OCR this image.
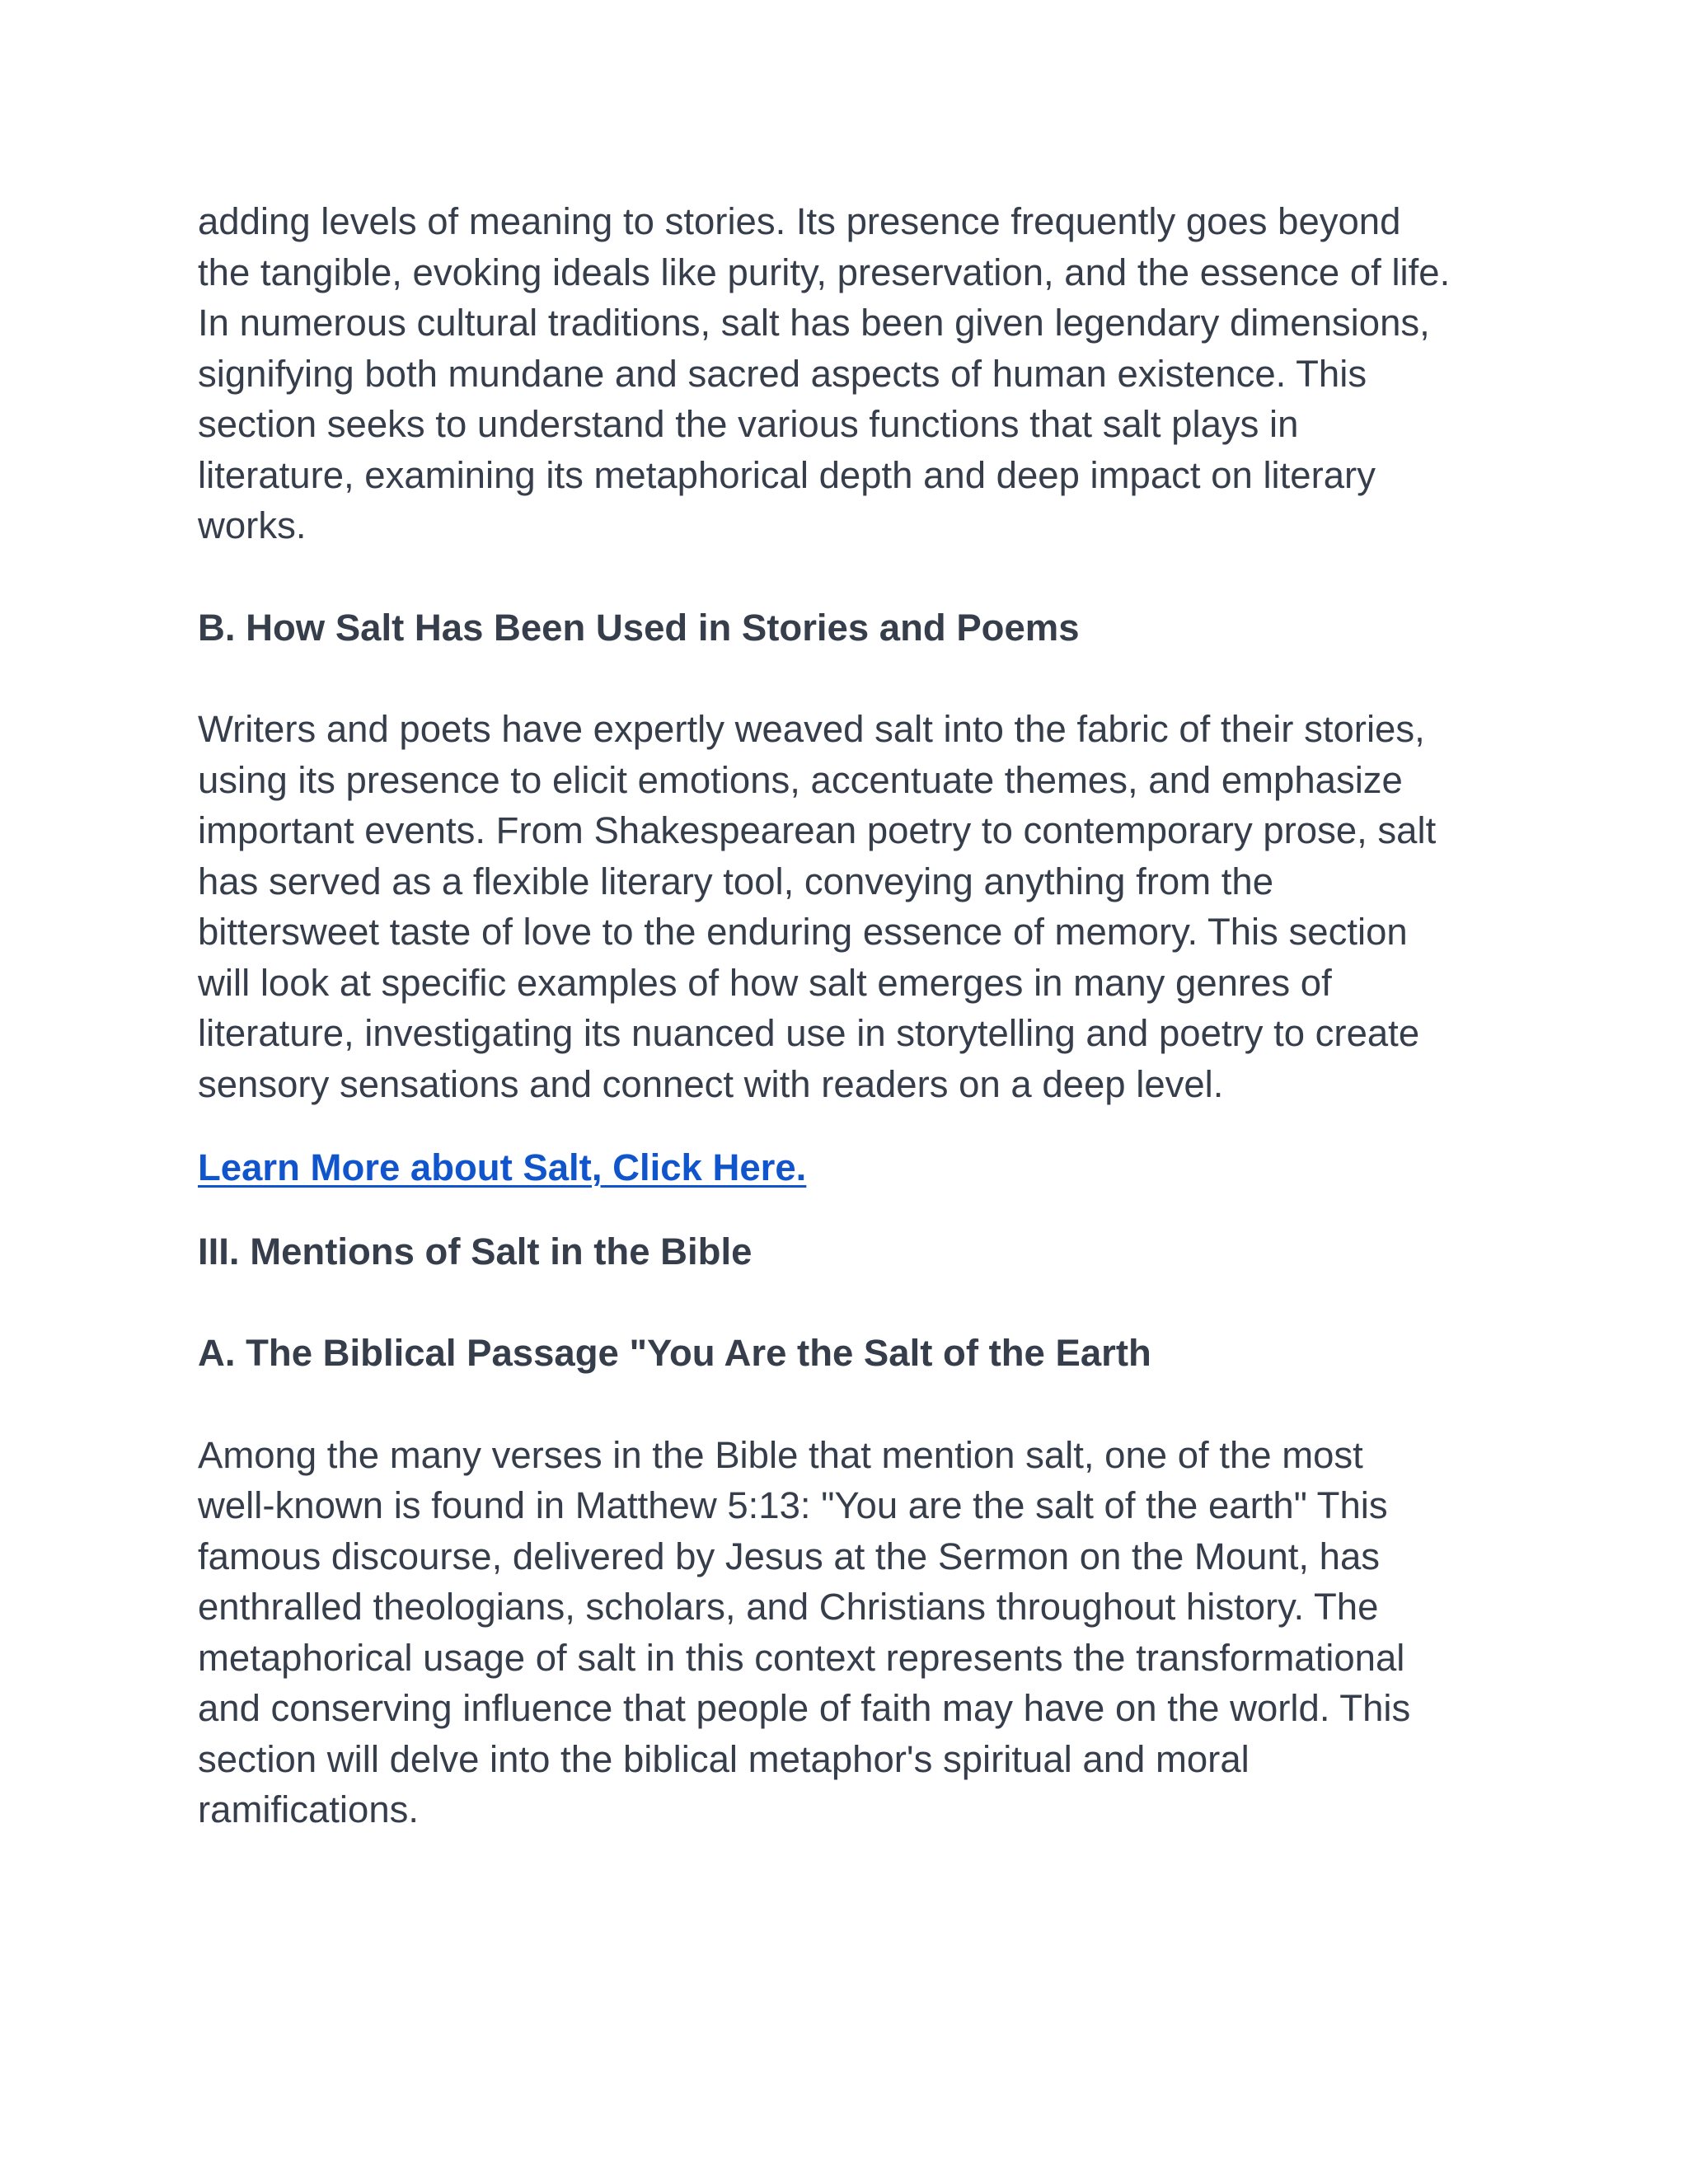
adding levels of meaning to stories. Its presence frequently goes beyond
the tangible, evoking ideals like purity, preservation, and the essence of life.
In numerous cultural traditions, salt has been given legendary dimensions,
signifying both mundane and sacred aspects of human existence. This
section seeks to understand the various functions that salt plays in
literature, examining its metaphorical depth and deep impact on literary
works.

B. How Salt Has Been Used in Stories and Poems

Writers and poets have expertly weaved salt into the fabric of their stories,
using its presence to elicit emotions, accentuate themes, and emphasize
important events. From Shakespearean poetry to contemporary prose, salt
has served as a flexible literary tool, conveying anything from the
bittersweet taste of love to the enduring essence of memory. This section
will look at specific examples of how salt emerges in many genres of
literature, investigating its nuanced use in storytelling and poetry to create
sensory sensations and connect with readers on a deep level.

Learn More about Salt, Click Here.
III. Mentions of Salt in the Bible
A. The Biblical Passage "You Are the Salt of the Earth

Among the many verses in the Bible that mention salt, one of the most
well-known is found in Matthew 5:13: "You are the salt of the earth" This
famous discourse, delivered by Jesus at the Sermon on the Mount, has
enthralled theologians, scholars, and Christians throughout history. The
metaphorical usage of salt in this context represents the transformational
and conserving influence that people of faith may have on the world. This
section will delve into the biblical metaphor's spiritual and moral
ramifications.
